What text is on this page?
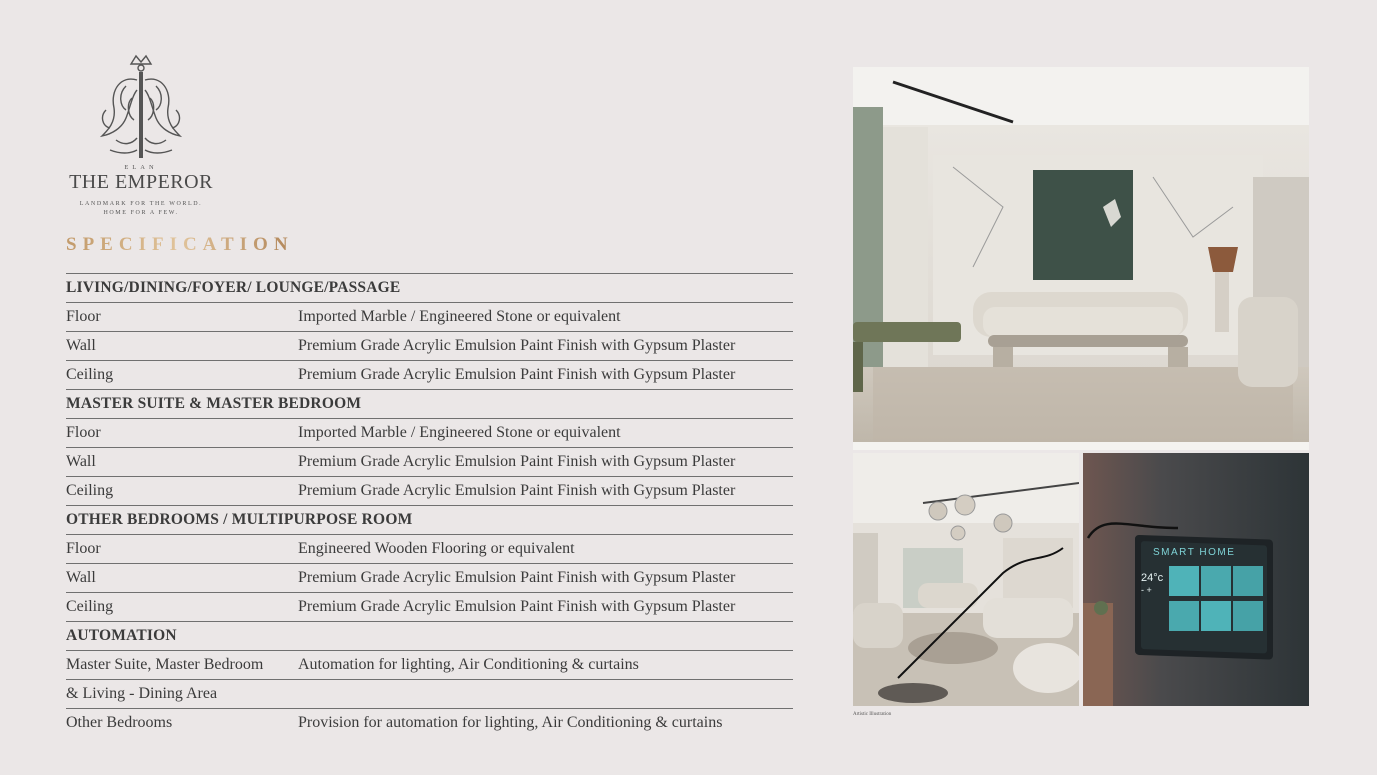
ELAN
THE EMPEROR
LANDMARK FOR THE WORLD.
HOME FOR A FEW.
SPECIFICATION
LIVING/DINING/FOYER/ LOUNGE/PASSAGE
Floor	Imported Marble / Engineered Stone or equivalent
Wall	Premium Grade Acrylic Emulsion Paint Finish with Gypsum Plaster
Ceiling	Premium Grade Acrylic Emulsion Paint Finish with Gypsum Plaster
MASTER SUITE & MASTER BEDROOM
Floor	Imported Marble / Engineered Stone or equivalent
Wall	Premium Grade Acrylic Emulsion Paint Finish with Gypsum Plaster
Ceiling	Premium Grade Acrylic Emulsion Paint Finish with Gypsum Plaster
OTHER BEDROOMS / MULTIPURPOSE ROOM
Floor	Engineered Wooden Flooring or equivalent
Wall	Premium Grade Acrylic Emulsion Paint Finish with Gypsum Plaster
Ceiling	Premium Grade Acrylic Emulsion Paint Finish with Gypsum Plaster
AUTOMATION
Master Suite, Master Bedroom	Automation for lighting, Air Conditioning & curtains
& Living - Dining Area
Other Bedrooms	Provision for automation for lighting, Air Conditioning & curtains
SMART HOME
24°c
- +
Artistic Illustration
